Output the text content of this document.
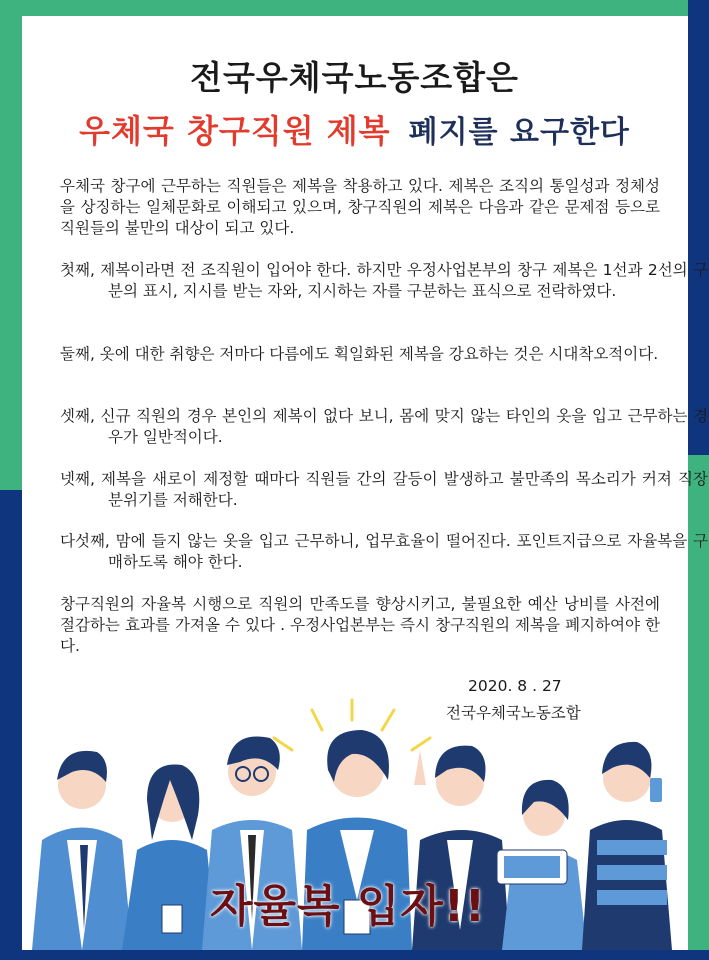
전국우체국노동조합은
우체국 창구직원 제복 폐지를 요구한다
우체국 창구에 근무하는 직원들은 제복을 착용하고 있다. 제복은 조직의 통일성과 정체성을 상징하는 일체문화로 이해되고 있으며, 창구직원의 제복은 다음과 같은 문제점 등으로 직원들의 불만의 대상이 되고 있다.
첫째, 제복이라면 전 조직원이 입어야 한다. 하지만 우정사업본부의 창구 제복은 1선과 2선의 구분의 표시, 지시를 받는 자와, 지시하는 자를 구분하는 표식으로 전락하였다.
둘째, 옷에 대한 취향은 저마다 다름에도 획일화된 제복을 강요하는 것은 시대착오적이다.
셋째, 신규 직원의 경우 본인의 제복이 없다 보니, 몸에 맞지 않는 타인의 옷을 입고 근무하는 경우가 일반적이다.
넷째, 제복을 새로이 제정할 때마다 직원들 간의 갈등이 발생하고 불만족의 목소리가 커져 직장 분위기를 저해한다.
다섯째, 맘에 들지 않는 옷을 입고 근무하니, 업무효율이 떨어진다. 포인트지급으로 자율복을 구매하도록 해야 한다.
창구직원의 자율복 시행으로 직원의 만족도를 향상시키고, 불필요한 예산 낭비를 사전에 절감하는 효과를 가져올 수 있다 . 우정사업본부는 즉시 창구직원의 제복을 폐지하여야 한다.
2020. 8 . 27
전국우체국노동조합
자율복 입자!!
